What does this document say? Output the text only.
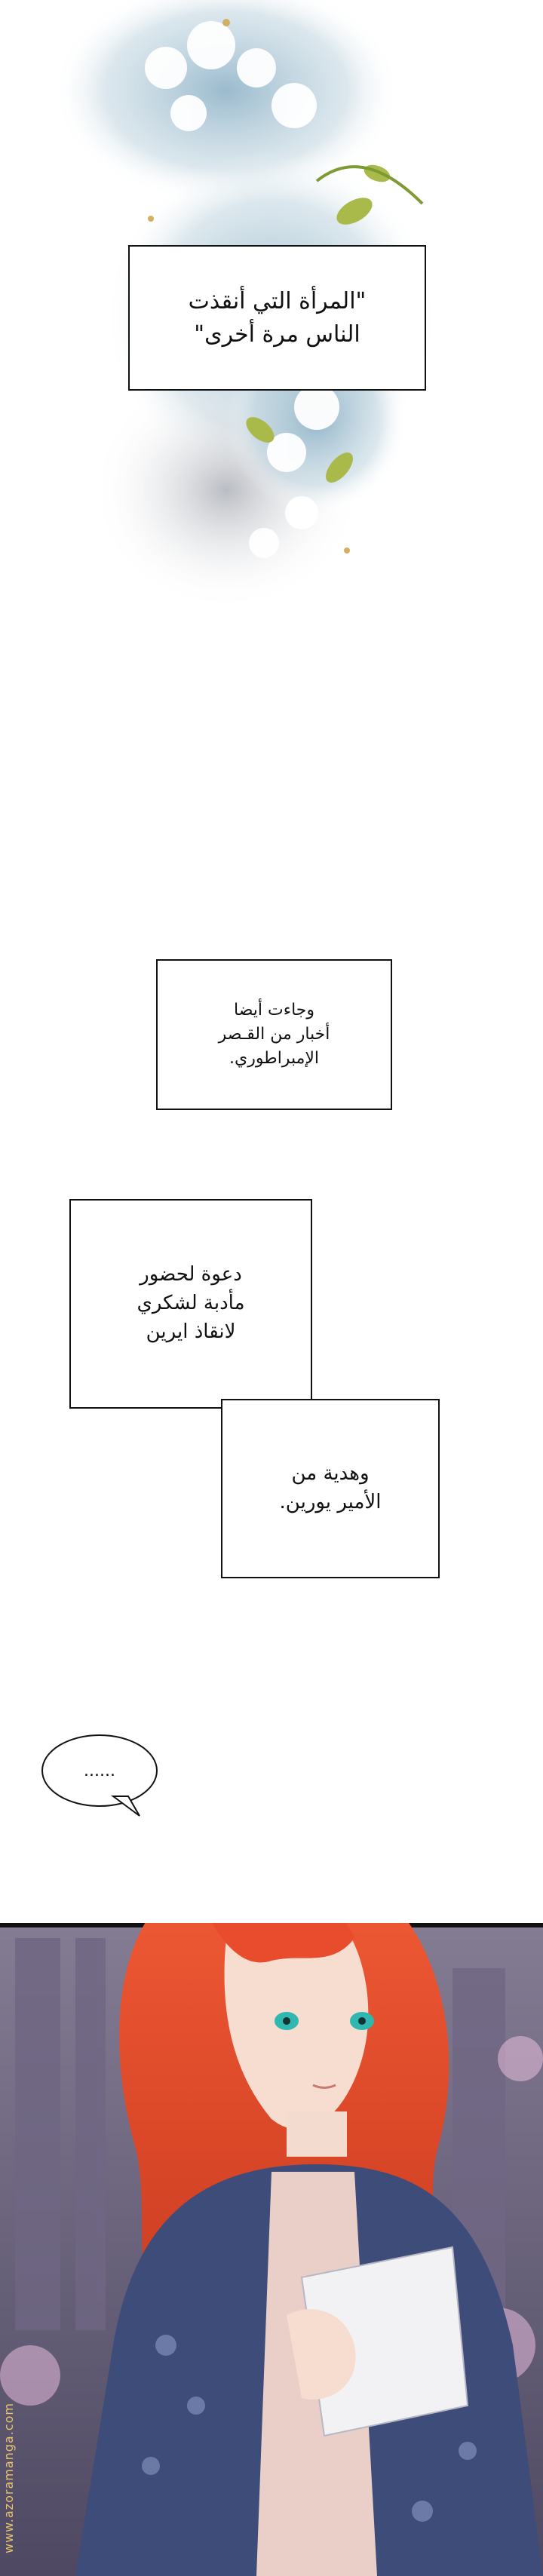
"المرأة التي أنقذت
الناس مرة أخرى"
وجاءت أيضا
أخبار من القـصر
الإمبراطوري.
دعوة لحضور
مأدبة لشكري
لانقاذ ايرين
وهدية من
الأمير يورين.
......
www.azoramanga.com
